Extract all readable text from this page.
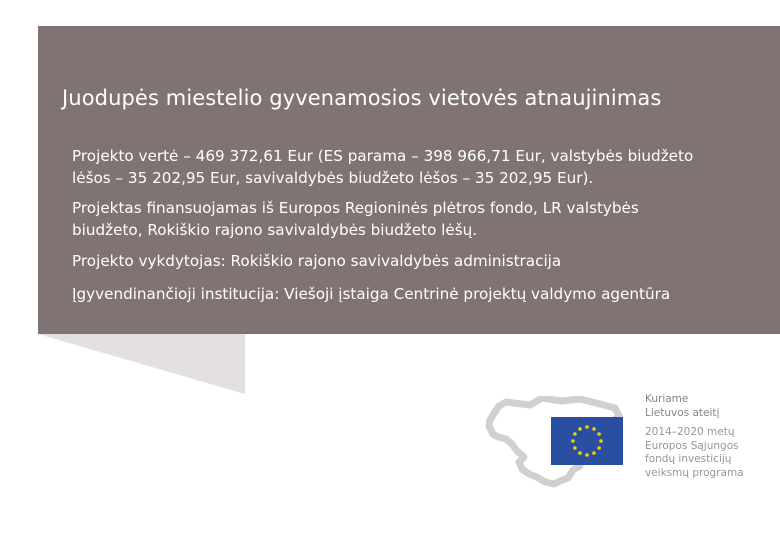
Juodupės miestelio gyvenamosios vietovės atnaujinimas
Projekto vertė – 469 372,61 Eur (ES parama – 398 966,71 Eur, valstybės biudžeto
lėšos – 35 202,95 Eur, savivaldybės biudžeto lėšos – 35 202,95 Eur).
Projektas finansuojamas iš Europos Regioninės plėtros fondo, LR valstybės
biudžeto, Rokiškio rajono savivaldybės biudžeto lėšų.
Projekto vykdytojas: Rokiškio rajono savivaldybės administracija
Įgyvendinančioji institucija: Viešoji įstaiga Centrinė projektų valdymo agentūra
Kuriame
Lietuvos ateitį
2014–2020 metų
Europos Sąjungos
fondų investicijų
veiksmų programa
